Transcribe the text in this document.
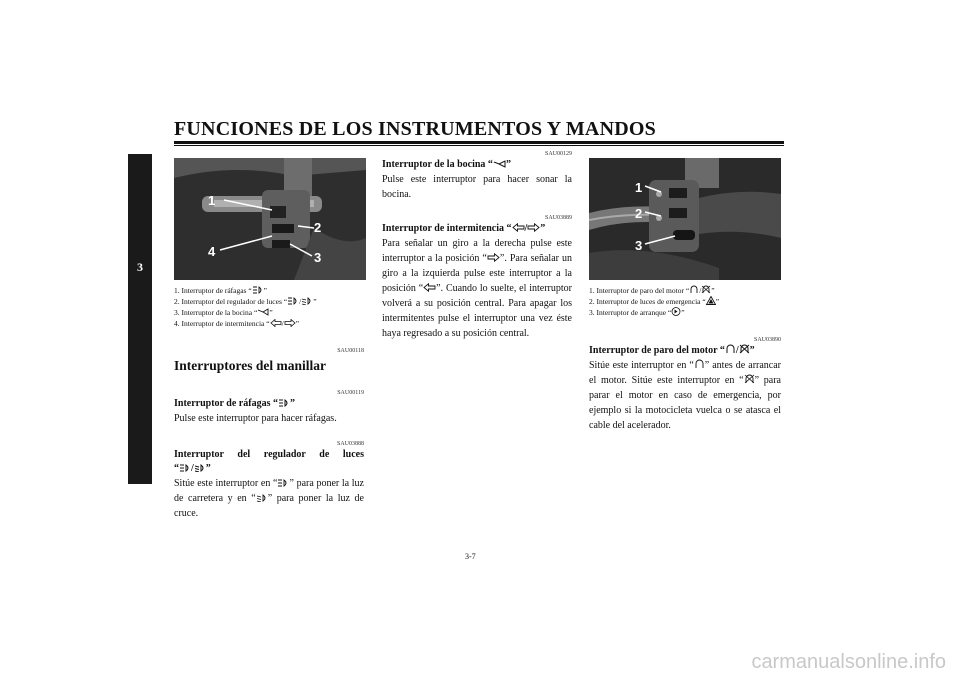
FUNCIONES DE LOS INSTRUMENTOS Y MANDOS
3
1
2
3
4
1. Interruptor de ráfagas “ ”
2. Interruptor del regulador de luces “ / ”
3. Interruptor de la bocina “ ”
4. Interruptor de intermitencia “ / ”
SAU00118
Interruptores del manillar
SAU00119
Interruptor de ráfagas “ ”

Pulse este interruptor para hacer ráfagas.

SAU03888
Interruptor del regulador de luces
“ / ”

Sitúe este interruptor en “ ” para poner la luz de carretera y en “ ” para poner la luz de cruce.

SAU00129
Interruptor de la bocina “ ”

Pulse este interruptor para hacer sonar la bocina.

SAU03889
Interruptor de intermitencia “ / ”

Para señalar un giro a la derecha pulse este interruptor a la posición “ ”. Para señalar un giro a la izquierda pulse este interruptor a la posición “ ”. Cuando lo suelte, el interruptor volverá a su posición central. Para apagar los intermitentes pulse el interruptor una vez éste haya regresado a su posición central.

1
2
3
1. Interruptor de paro del motor “ / ”
2. Interruptor de luces de emergencia “ ”
3. Interruptor de arranque “ ”
SAU03890
Interruptor de paro del motor “ / ”

Sitúe este interruptor en “ ” antes de arrancar el motor. Sitúe este interruptor en “ ” para parar el motor en caso de emergencia, por ejemplo si la motocicleta vuelca o se atasca el cable del acelerador.

3-7
carmanualsonline.info
